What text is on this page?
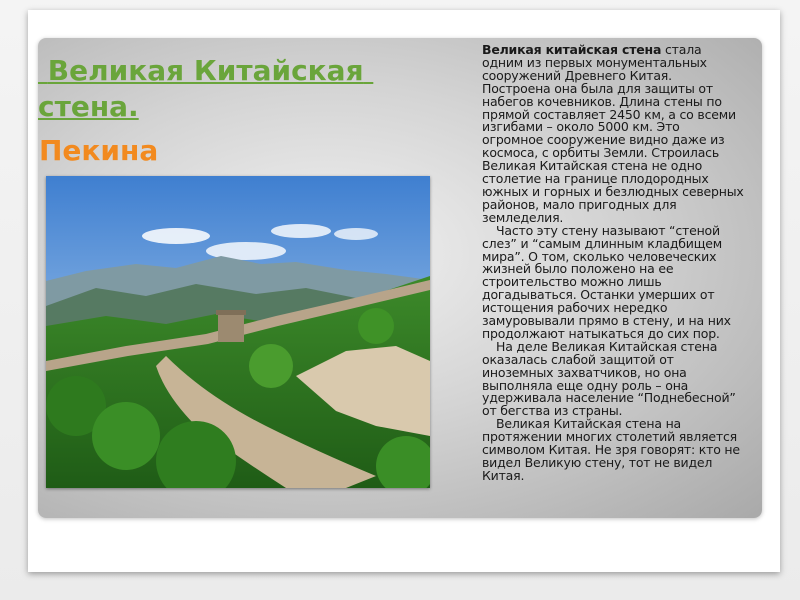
Великая Китайская стена.
Пекина

Великая китайская стена стала одним из первых монументальных сооружений Древнего Китая. Построена она была для защиты от набегов кочевников. Длина стены по прямой составляет 2450 км, а со всеми изгибами – около 5000 км. Это огромное сооружение видно даже из космоса, с орбиты Земли. Строилась Великая Китайская стена не одно столетие на границе плодородных южных и горных и безлюдных северных районов, мало пригодных для земледелия.

Часто эту стену называют “стеной слез” и “самым длинным кладбищем мира”. О том, сколько человеческих жизней было положено на ее строительство можно лишь догадываться. Останки умерших от истощения рабочих нередко замуровывали прямо в стену, и на них продолжают натыкаться до сих пор.

На деле Великая Китайская стена оказалась слабой защитой от иноземных захватчиков, но она выполняла еще одну роль – она удерживала население “Поднебесной” от бегства из страны.

Великая Китайская стена на протяжении многих столетий является символом Китая. Не зря говорят: кто не видел Великую стену, тот не видел Китая.
